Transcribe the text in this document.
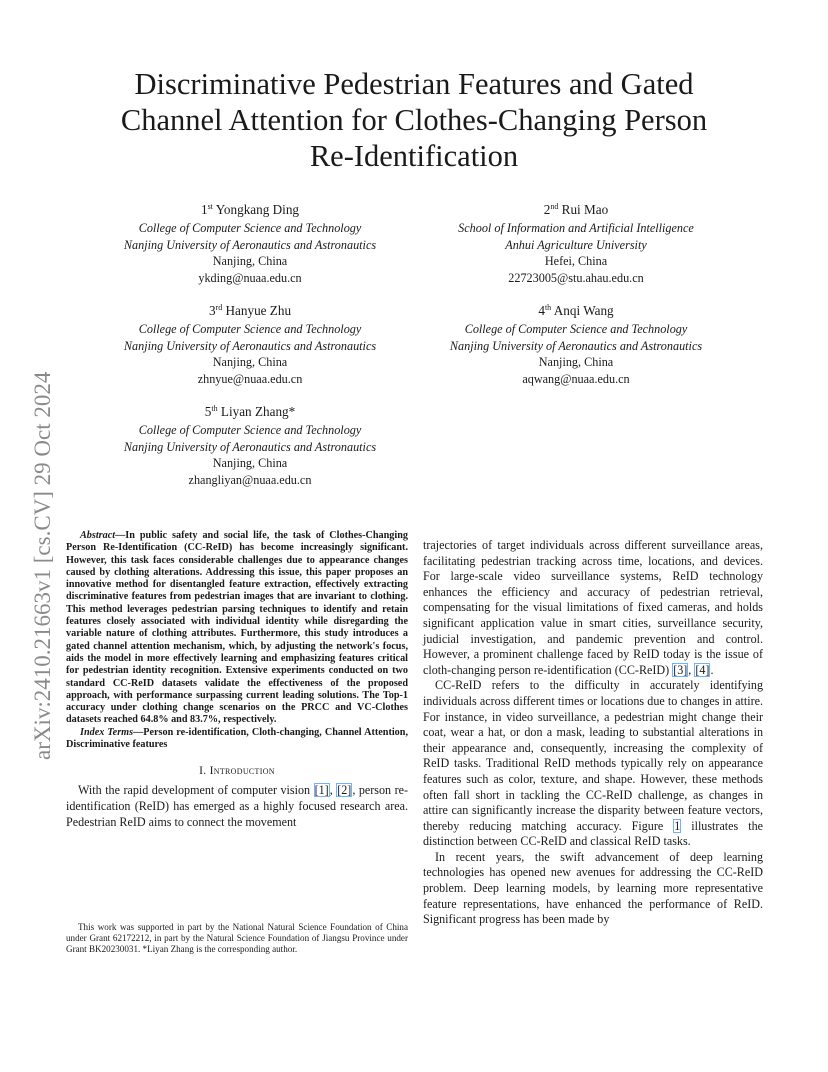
arXiv:2410.21663v1 [cs.CV] 29 Oct 2024
Discriminative Pedestrian Features and Gated
Channel Attention for Clothes-Changing Person
Re-Identification
1st Yongkang Ding
College of Computer Science and Technology
Nanjing University of Aeronautics and Astronautics
Nanjing, China
ykding@nuaa.edu.cn
2nd Rui Mao
School of Information and Artificial Intelligence
Anhui Agriculture University
Hefei, China
22723005@stu.ahau.edu.cn
3rd Hanyue Zhu
College of Computer Science and Technology
Nanjing University of Aeronautics and Astronautics
Nanjing, China
zhnyue@nuaa.edu.cn
4th Anqi Wang
College of Computer Science and Technology
Nanjing University of Aeronautics and Astronautics
Nanjing, China
aqwang@nuaa.edu.cn
5th Liyan Zhang*
College of Computer Science and Technology
Nanjing University of Aeronautics and Astronautics
Nanjing, China
zhangliyan@nuaa.edu.cn

Abstract—In public safety and social life, the task of Clothes-Changing Person Re-Identification (CC-ReID) has become increasingly significant. However, this task faces considerable challenges due to appearance changes caused by clothing alterations. Addressing this issue, this paper proposes an innovative method for disentangled feature extraction, effectively extracting discriminative features from pedestrian images that are invariant to clothing. This method leverages pedestrian parsing techniques to identify and retain features closely associated with individual identity while disregarding the variable nature of clothing attributes. Furthermore, this study introduces a gated channel attention mechanism, which, by adjusting the network's focus, aids the model in more effectively learning and emphasizing features critical for pedestrian identity recognition. Extensive experiments conducted on two standard CC-ReID datasets validate the effectiveness of the proposed approach, with performance surpassing current leading solutions. The Top-1 accuracy under clothing change scenarios on the PRCC and VC-Clothes datasets reached 64.8% and 83.7%, respectively.

Index Terms—Person re-identification, Cloth-changing, Channel Attention, Discriminative features

I. Introduction

With the rapid development of computer vision [1], [2], person re-identification (ReID) has emerged as a highly focused research area. Pedestrian ReID aims to connect the movement

This work was supported in part by the National Natural Science Foundation of China under Grant 62172212, in part by the Natural Science Foundation of Jiangsu Province under Grant BK20230031. *Liyan Zhang is the corresponding author.

trajectories of target individuals across different surveillance areas, facilitating pedestrian tracking across time, locations, and devices. For large-scale video surveillance systems, ReID technology enhances the efficiency and accuracy of pedestrian retrieval, compensating for the visual limitations of fixed cameras, and holds significant application value in smart cities, surveillance security, judicial investigation, and pandemic prevention and control. However, a prominent challenge faced by ReID today is the issue of cloth-changing person re-identification (CC-ReID) [3], [4].

CC-ReID refers to the difficulty in accurately identifying individuals across different times or locations due to changes in attire. For instance, in video surveillance, a pedestrian might change their coat, wear a hat, or don a mask, leading to substantial alterations in their appearance and, consequently, increasing the complexity of ReID tasks. Traditional ReID methods typically rely on appearance features such as color, texture, and shape. However, these methods often fall short in tackling the CC-ReID challenge, as changes in attire can significantly increase the disparity between feature vectors, thereby reducing matching accuracy. Figure 1 illustrates the distinction between CC-ReID and classical ReID tasks.

In recent years, the swift advancement of deep learning technologies has opened new avenues for addressing the CC-ReID problem. Deep learning models, by learning more representative feature representations, have enhanced the performance of ReID. Significant progress has been made by
